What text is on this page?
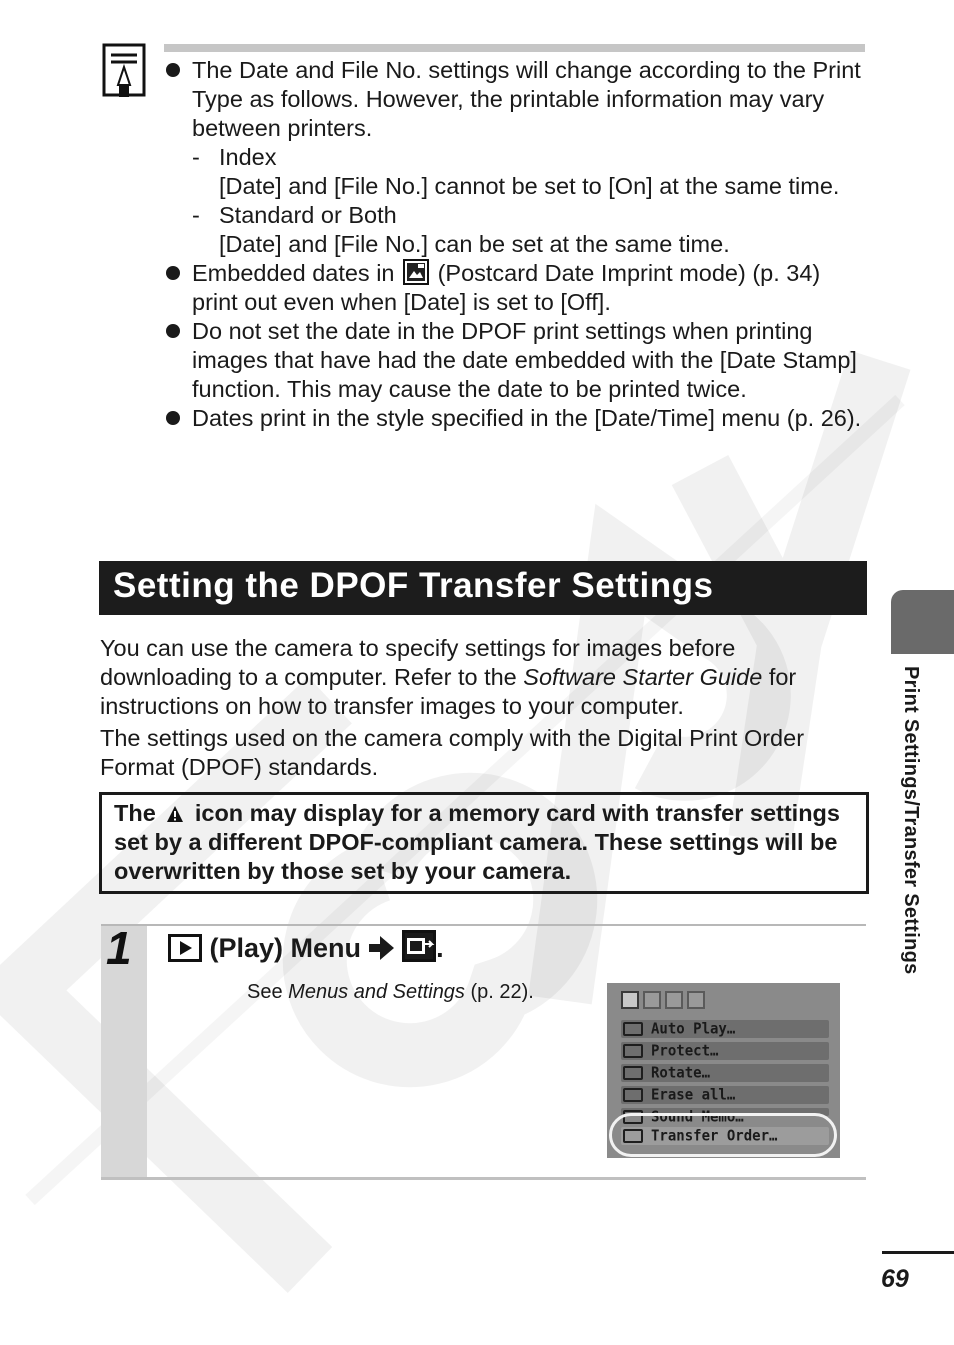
The Date and File No. settings will change according to the Print Type as follows. However, the printable information may vary between printers.
- Index
[Date] and [File No.] cannot be set to [On] at the same time.
- Standard or Both
[Date] and [File No.] can be set at the same time.
Embedded dates in (Postcard Date Imprint mode) (p. 34) print out even when [Date] is set to [Off].
Do not set the date in the DPOF print settings when printing images that have had the date embedded with the [Date Stamp] function. This may cause the date to be printed twice.
Dates print in the style specified in the [Date/Time] menu (p. 26).
Setting the DPOF Transfer Settings
You can use the camera to specify settings for images before downloading to a computer. Refer to the Software Starter Guide for instructions on how to transfer images to your computer.
The settings used on the camera comply with the Digital Print Order Format (DPOF) standards.
The icon may display for a memory card with transfer settings set by a different DPOF-compliant camera. These settings will be overwritten by those set by your camera.
1	(Play) Menu	.
See Menus and Settings (p. 22).
Auto Play…
Protect…
Rotate…
Erase all…
Sound Memo…
Transfer Order…
Print Settings/Transfer Settings
69
